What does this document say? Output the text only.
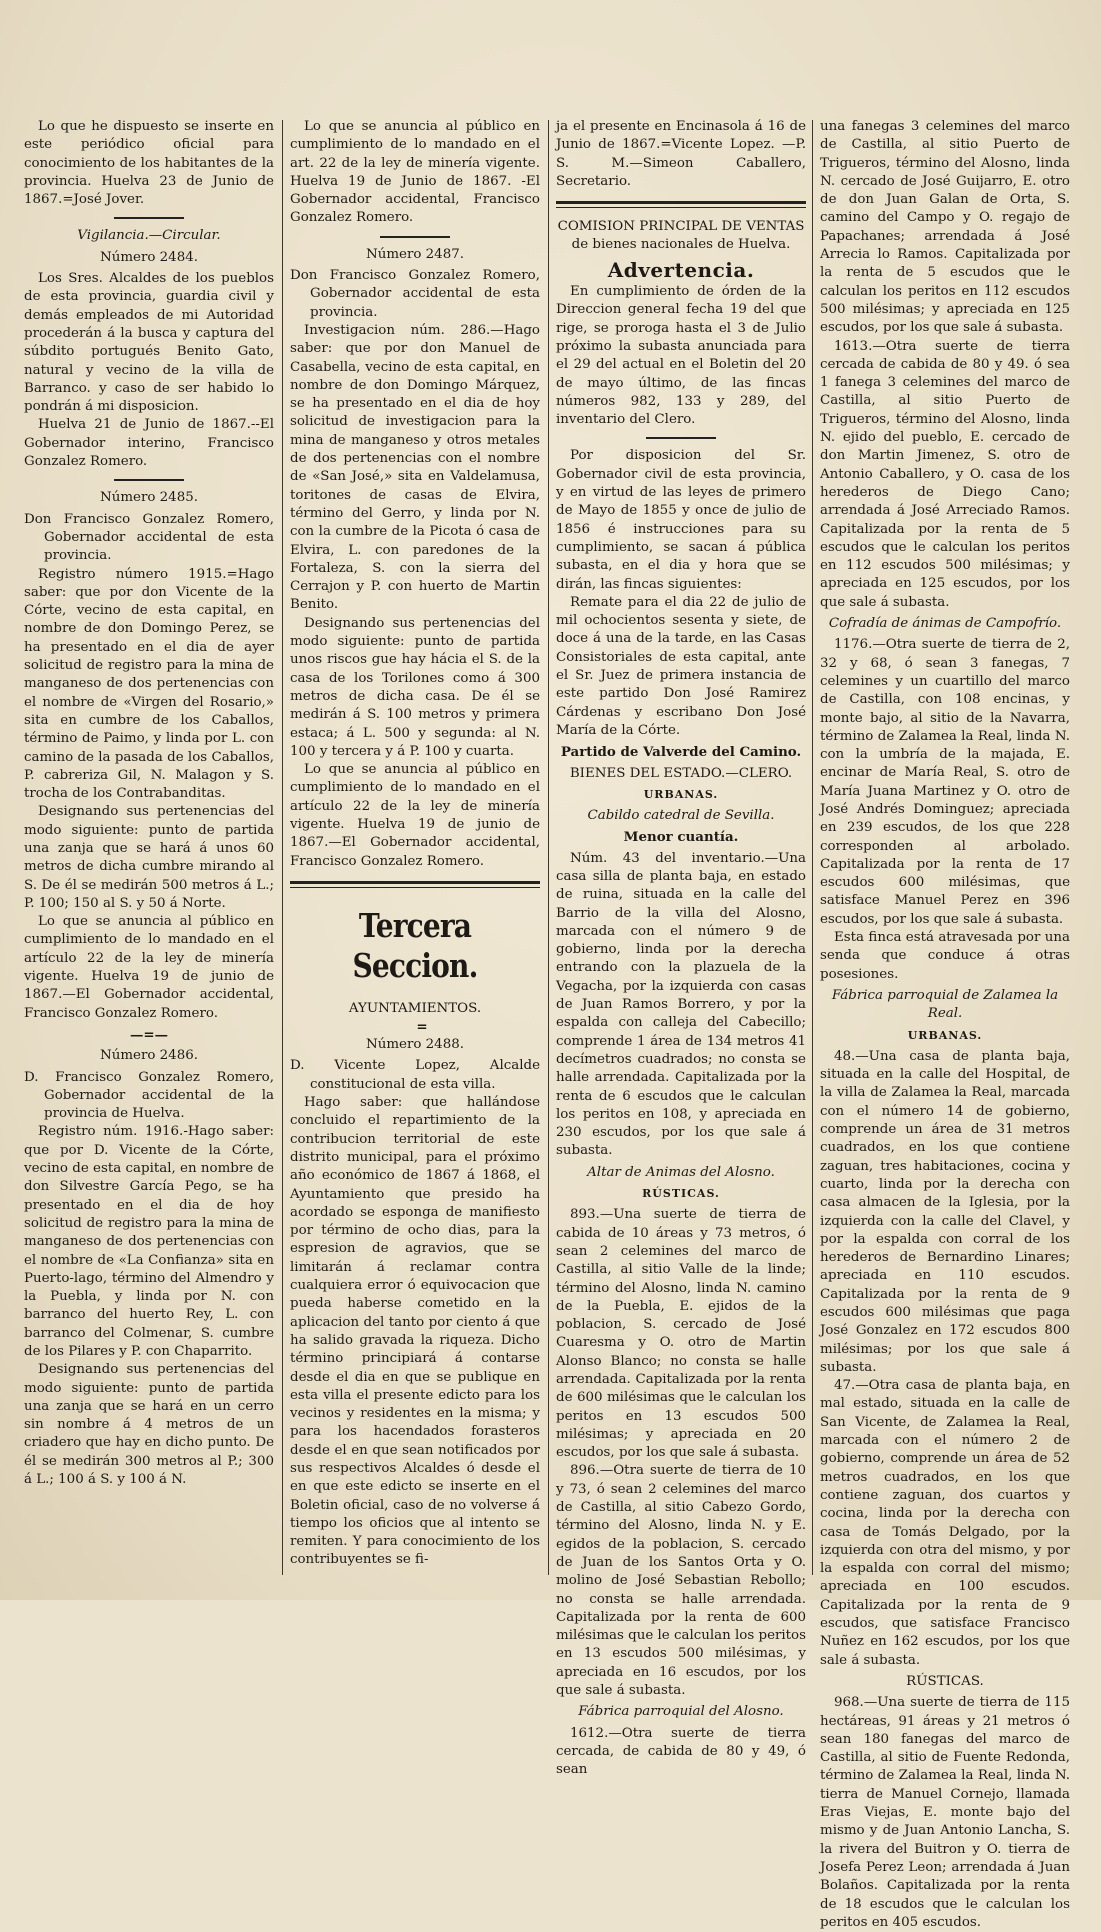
Lo que he dispuesto se inserte en este periódico oficial para conocimiento de los habitantes de la provincia. Huelva 23 de Junio de 1867.=José Jover.

Vigilancia.—Circular.

Número 2484.

Los Sres. Alcaldes de los pueblos de esta provincia, guardia civil y demás empleados de mi Autoridad procederán á la busca y captura del súbdito portugués Benito Gato, natural y vecino de la villa de Barranco. y caso de ser habido lo pondrán á mi disposicion.

Huelva 21 de Junio de 1867.--El Gobernador interino, Francisco Gonzalez Romero.

Número 2485.

Don Francisco Gonzalez Romero, Gobernador accidental de esta provincia.

Registro número 1915.=Hago saber: que por don Vicente de la Córte, vecino de esta capital, en nombre de don Domingo Perez, se ha presentado en el dia de ayer solicitud de registro para la mina de manganeso de dos pertenencias con el nombre de «Virgen del Rosario,» sita en cumbre de los Caballos, término de Paimo, y linda por L. con camino de la pasada de los Caballos, P. cabreriza Gil, N. Malagon y S. trocha de los Contrabanditas.

Designando sus pertenencias del modo siguiente: punto de partida una zanja que se hará á unos 60 metros de dicha cumbre mirando al S. De él se medirán 500 metros á L.; P. 100; 150 al S. y 50 á Norte.

Lo que se anuncia al público en cumplimiento de lo mandado en el artículo 22 de la ley de minería vigente. Huelva 19 de junio de 1867.—El Gobernador accidental, Francisco Gonzalez Romero.

—=—

Número 2486.

D. Francisco Gonzalez Romero, Gobernador accidental de la provincia de Huelva.

Registro núm. 1916.-Hago saber: que por D. Vicente de la Córte, vecino de esta capital, en nombre de don Silvestre García Pego, se ha presentado en el dia de hoy solicitud de registro para la mina de manganeso de dos pertenencias con el nombre de «La Confianza» sita en Puerto-lago, término del Almendro y la Puebla, y linda por N. con barranco del huerto Rey, L. con barranco del Colmenar, S. cumbre de los Pilares y P. con Chaparrito.

Designando sus pertenencias del modo siguiente: punto de partida una zanja que se hará en un cerro sin nombre á 4 metros de un criadero que hay en dicho punto. De él se medirán 300 metros al P.; 300 á L.; 100 á S. y 100 á N.

Lo que se anuncia al público en cumplimiento de lo mandado en el art. 22 de la ley de minería vigente. Huelva 19 de Junio de 1867. -El Gobernador accidental, Francisco Gonzalez Romero.

Número 2487.

Don Francisco Gonzalez Romero, Gobernador accidental de esta provincia.

Investigacion núm. 286.—Hago saber: que por don Manuel de Casabella, vecino de esta capital, en nombre de don Domingo Márquez, se ha presentado en el dia de hoy solicitud de investigacion para la mina de manganeso y otros metales de dos pertenencias con el nombre de «San José,» sita en Valdelamusa, toritones de casas de Elvira, término del Gerro, y linda por N. con la cumbre de la Picota ó casa de Elvira, L. con paredones de la Fortaleza, S. con la sierra del Cerrajon y P. con huerto de Martin Benito.

Designando sus pertenencias del modo siguiente: punto de partida unos riscos gue hay hácia el S. de la casa de los Torilones como á 300 metros de dicha casa. De él se medirán á S. 100 metros y primera estaca; á L. 500 y segunda: al N. 100 y tercera y á P. 100 y cuarta.

Lo que se anuncia al público en cumplimiento de lo mandado en el artículo 22 de la ley de minería vigente. Huelva 19 de junio de 1867.—El Gobernador accidental, Francisco Gonzalez Romero.

Tercera Seccion.

AYUNTAMIENTOS.

=

Número 2488.

D. Vicente Lopez, Alcalde constitucional de esta villa.

Hago saber: que hallándose concluido el repartimiento de la contribucion territorial de este distrito municipal, para el próximo año económico de 1867 á 1868, el Ayuntamiento que presido ha acordado se esponga de manifiesto por término de ocho dias, para la espresion de agravios, que se limitarán á reclamar contra cualquiera error ó equivocacion que pueda haberse cometido en la aplicacion del tanto por ciento á que ha salido gravada la riqueza. Dicho término principiará á contarse desde el dia en que se publique en esta villa el presente edicto para los vecinos y residentes en la misma; y para los hacendados forasteros desde el en que sean notificados por sus respectivos Alcaldes ó desde el en que este edicto se inserte en el Boletin oficial, caso de no volverse á tiempo los oficios que al intento se remiten. Y para conocimiento de los contribuyentes se fi-

ja el presente en Encinasola á 16 de Junio de 1867.=Vicente Lopez. —P. S. M.—Simeon Caballero, Secretario.

COMISION PRINCIPAL DE VENTAS de bienes nacionales de Huelva.

Advertencia.

En cumplimiento de órden de la Direccion general fecha 19 del que rige, se proroga hasta el 3 de Julio próximo la subasta anunciada para el 29 del actual en el Boletin del 20 de mayo último, de las fincas números 982, 133 y 289, del inventario del Clero.

Por disposicion del Sr. Gobernador civil de esta provincia, y en virtud de las leyes de primero de Mayo de 1855 y once de julio de 1856 é instrucciones para su cumplimiento, se sacan á pública subasta, en el dia y hora que se dirán, las fincas siguientes:

Remate para el dia 22 de julio de mil ochocientos sesenta y siete, de doce á una de la tarde, en las Casas Consistoriales de esta capital, ante el Sr. Juez de primera instancia de este partido Don José Ramirez Cárdenas y escribano Don José María de la Córte.

Partido de Valverde del Camino.

BIENES DEL ESTADO.—CLERO.

URBANAS.

Cabildo catedral de Sevilla.

Menor cuantía.

Núm. 43 del inventario.—Una casa silla de planta baja, en estado de ruina, situada en la calle del Barrio de la villa del Alosno, marcada con el número 9 de gobierno, linda por la derecha entrando con la plazuela de la Vegacha, por la izquierda con casas de Juan Ramos Borrero, y por la espalda con calleja del Cabecillo; comprende 1 área de 134 metros 41 decímetros cuadrados; no consta se halle arrendada. Capitalizada por la renta de 6 escudos que le calculan los peritos en 108, y apreciada en 230 escudos, por los que sale á subasta.

Altar de Animas del Alosno.

RÚSTICAS.

893.—Una suerte de tierra de cabida de 10 áreas y 73 metros, ó sean 2 celemines del marco de Castilla, al sitio Valle de la linde; término del Alosno, linda N. camino de la Puebla, E. ejidos de la poblacion, S. cercado de José Cuaresma y O. otro de Martin Alonso Blanco; no consta se halle arrendada. Capitalizada por la renta de 600 milésimas que le calculan los peritos en 13 escudos 500 milésimas; y apreciada en 20 escudos, por los que sale á subasta.

896.—Otra suerte de tierra de 10 y 73, ó sean 2 celemines del marco de Castilla, al sitio Cabezo Gordo, término del Alosno, linda N. y E. egidos de la poblacion, S. cercado de Juan de los Santos Orta y O. molino de José Sebastian Rebollo; no consta se halle arrendada. Capitalizada por la renta de 600 milésimas que le calculan los peritos en 13 escudos 500 milésimas, y apreciada en 16 escudos, por los que sale á subasta.

Fábrica parroquial del Alosno.

1612.—Otra suerte de tierra cercada, de cabida de 80 y 49, ó sean

una fanegas 3 celemines del marco de Castilla, al sitio Puerto de Trigueros, término del Alosno, linda N. cercado de José Guijarro, E. otro de don Juan Galan de Orta, S. camino del Campo y O. regajo de Papachanes; arrendada á José Arrecia lo Ramos. Capitalizada por la renta de 5 escudos que le calculan los peritos en 112 escudos 500 milésimas; y apreciada en 125 escudos, por los que sale á subasta.

1613.—Otra suerte de tierra cercada de cabida de 80 y 49. ó sea 1 fanega 3 celemines del marco de Castilla, al sitio Puerto de Trigueros, término del Alosno, linda N. ejido del pueblo, E. cercado de don Martin Jimenez, S. otro de Antonio Caballero, y O. casa de los herederos de Diego Cano; arrendada á José Arreciado Ramos. Capitalizada por la renta de 5 escudos que le calculan los peritos en 112 escudos 500 milésimas; y apreciada en 125 escudos, por los que sale á subasta.

Cofradía de ánimas de Campofrío.

1176.—Otra suerte de tierra de 2, 32 y 68, ó sean 3 fanegas, 7 celemines y un cuartillo del marco de Castilla, con 108 encinas, y monte bajo, al sitio de la Navarra, término de Zalamea la Real, linda N. con la umbría de la majada, E. encinar de María Real, S. otro de María Juana Martinez y O. otro de José Andrés Dominguez; apreciada en 239 escudos, de los que 228 corresponden al arbolado. Capitalizada por la renta de 17 escudos 600 milésimas, que satisface Manuel Perez en 396 escudos, por los que sale á subasta.

Esta finca está atravesada por una senda que conduce á otras posesiones.

Fábrica parroquial de Zalamea la Real.

URBANAS.

48.—Una casa de planta baja, situada en la calle del Hospital, de la villa de Zalamea la Real, marcada con el número 14 de gobierno, comprende un área de 31 metros cuadrados, en los que contiene zaguan, tres habitaciones, cocina y cuarto, linda por la derecha con casa almacen de la Iglesia, por la izquierda con la calle del Clavel, y por la espalda con corral de los herederos de Bernardino Linares; apreciada en 110 escudos. Capitalizada por la renta de 9 escudos 600 milésimas que paga José Gonzalez en 172 escudos 800 milésimas; por los que sale á subasta.

47.—Otra casa de planta baja, en mal estado, situada en la calle de San Vicente, de Zalamea la Real, marcada con el número 2 de gobierno, comprende un área de 52 metros cuadrados, en los que contiene zaguan, dos cuartos y cocina, linda por la derecha con casa de Tomás Delgado, por la izquierda con otra del mismo, y por la espalda con corral del mismo; apreciada en 100 escudos. Capitalizada por la renta de 9 escudos, que satisface Francisco Nuñez en 162 escudos, por los que sale á subasta.

RÚSTICAS.

968.—Una suerte de tierra de 115 hectáreas, 91 áreas y 21 metros ó sean 180 fanegas del marco de Castilla, al sitio de Fuente Redonda, término de Zalamea la Real, linda N. tierra de Manuel Cornejo, llamada Eras Viejas, E. monte bajo del mismo y de Juan Antonio Lancha, S. la rivera del Buitron y O. tierra de Josefa Perez Leon; arrendada á Juan Bolaños. Capitalizada por la renta de 18 escudos que le calculan los peritos en 405 escudos.
